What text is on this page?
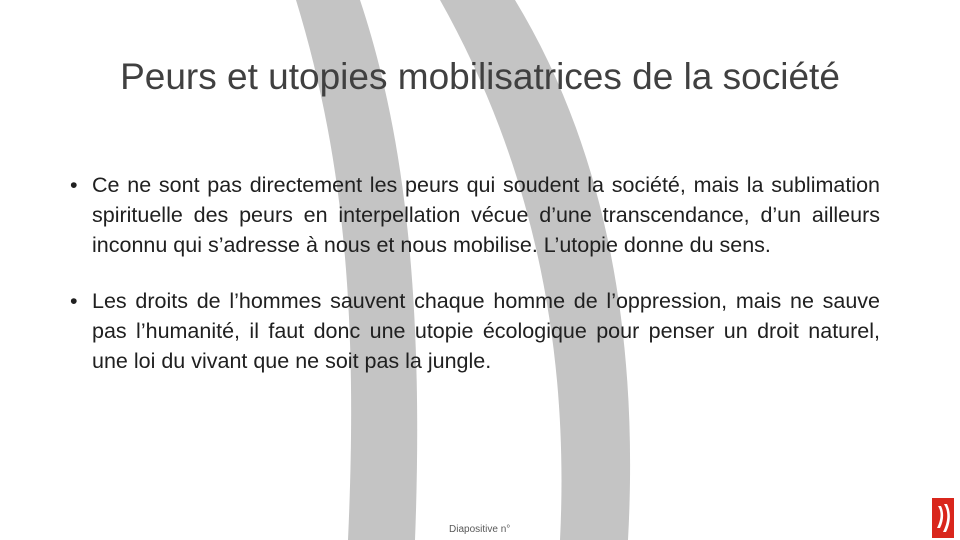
Peurs et utopies mobilisatrices de la société
• Ce ne sont pas directement les peurs qui soudent la société, mais la sublimation spirituelle des peurs en interpellation vécue d’une transcendance, d’un ailleurs inconnu qui s’adresse à nous et nous mobilise. L’utopie donne du sens.
• Les droits de l’hommes sauvent chaque homme de l’oppression, mais ne sauve pas l’humanité, il faut donc une utopie écologique pour penser un droit naturel, une loi du vivant que ne soit pas la jungle.
Diapositive n°
